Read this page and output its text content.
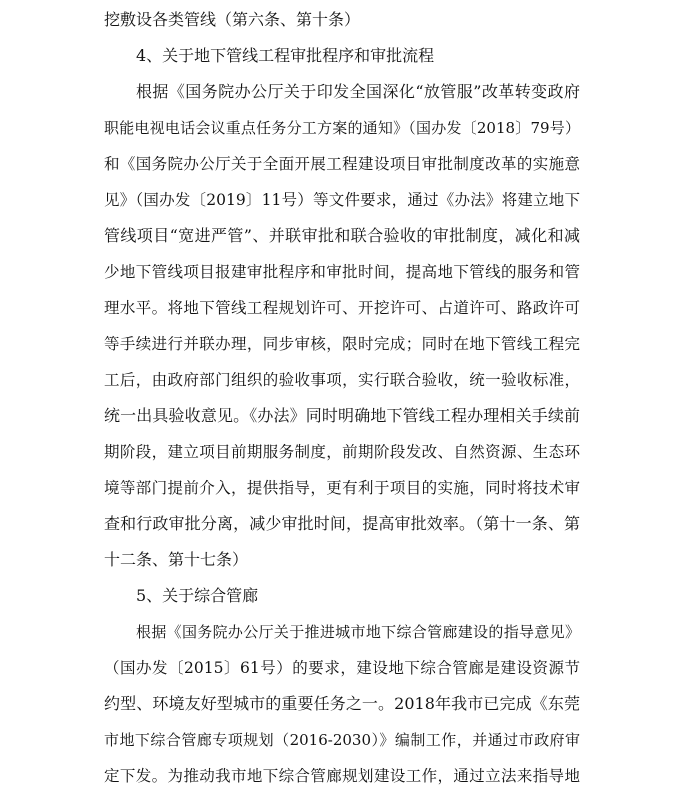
挖敷设各类管线（第六条、第十条）
4、关于地下管线工程审批程序和审批流程
根据《国务院办公厅关于印发全国深化“放管服”改革转变政府
职能电视电话会议重点任务分工方案的通知》（国办发〔2018〕79号）
和《国务院办公厅关于全面开展工程建设项目审批制度改革的实施意
见》（国办发〔2019〕11号）等文件要求，通过《办法》将建立地下
管线项目“宽进严管”、并联审批和联合验收的审批制度，减化和减
少地下管线项目报建审批程序和审批时间，提高地下管线的服务和管
理水平。将地下管线工程规划许可、开挖许可、占道许可、路政许可
等手续进行并联办理，同步审核，限时完成；同时在地下管线工程完
工后，由政府部门组织的验收事项，实行联合验收，统一验收标准，
统一出具验收意见。《办法》同时明确地下管线工程办理相关手续前
期阶段，建立项目前期服务制度，前期阶段发改、自然资源、生态环
境等部门提前介入，提供指导，更有利于项目的实施，同时将技术审
查和行政审批分离，减少审批时间，提高审批效率。（第十一条、第
十二条、第十七条）
5、关于综合管廊
根据《国务院办公厅关于推进城市地下综合管廊建设的指导意见》
（国办发〔2015〕61号）的要求，建设地下综合管廊是建设资源节
约型、环境友好型城市的重要任务之一。2018年我市已完成《东莞
市地下综合管廊专项规划（2016-2030）》编制工作，并通过市政府审
定下发。为推动我市地下综合管廊规划建设工作，通过立法来指导地
